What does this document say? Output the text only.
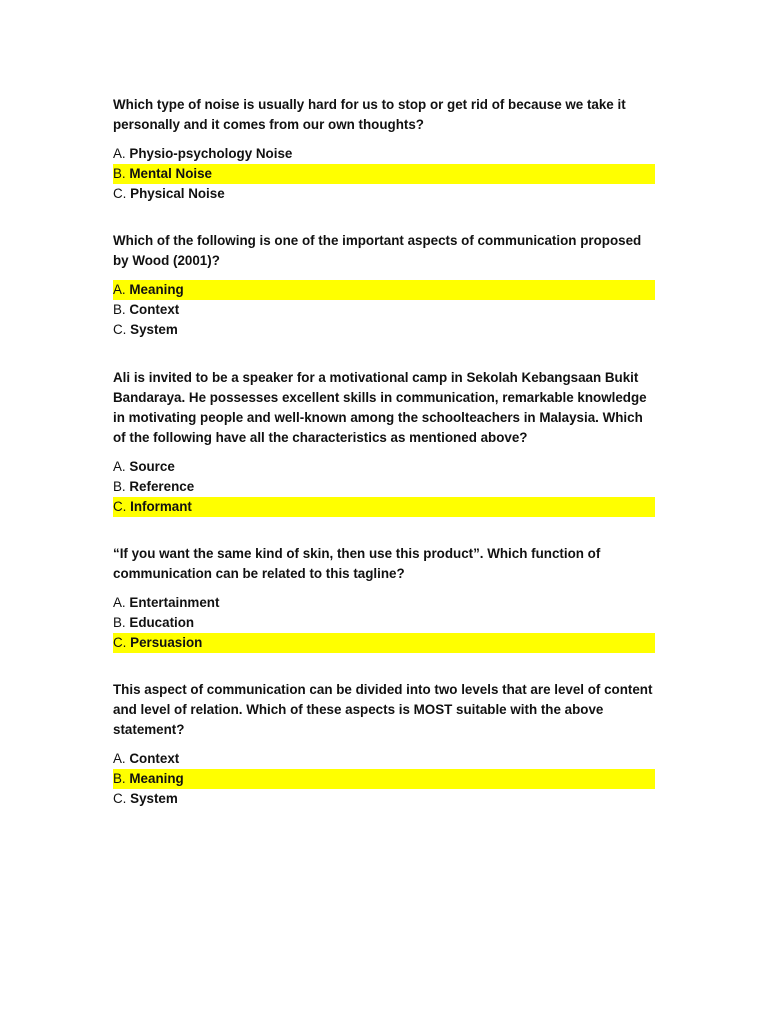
Which type of noise is usually hard for us to stop or get rid of because we take it personally and it comes from our own thoughts?
A. Physio-psychology Noise
B. Mental Noise
C. Physical Noise
Which of the following is one of the important aspects of communication proposed by Wood (2001)?
A. Meaning
B. Context
C. System
Ali is invited to be a speaker for a motivational camp in Sekolah Kebangsaan Bukit Bandaraya. He possesses excellent skills in communication, remarkable knowledge in motivating people and well-known among the schoolteachers in Malaysia. Which of the following have all the characteristics as mentioned above?
A. Source
B. Reference
C. Informant
“If you want the same kind of skin, then use this product”. Which function of communication can be related to this tagline?
A. Entertainment
B. Education
C. Persuasion
This aspect of communication can be divided into two levels that are level of content and level of relation. Which of these aspects is MOST suitable with the above statement?
A. Context
B. Meaning
C. System
